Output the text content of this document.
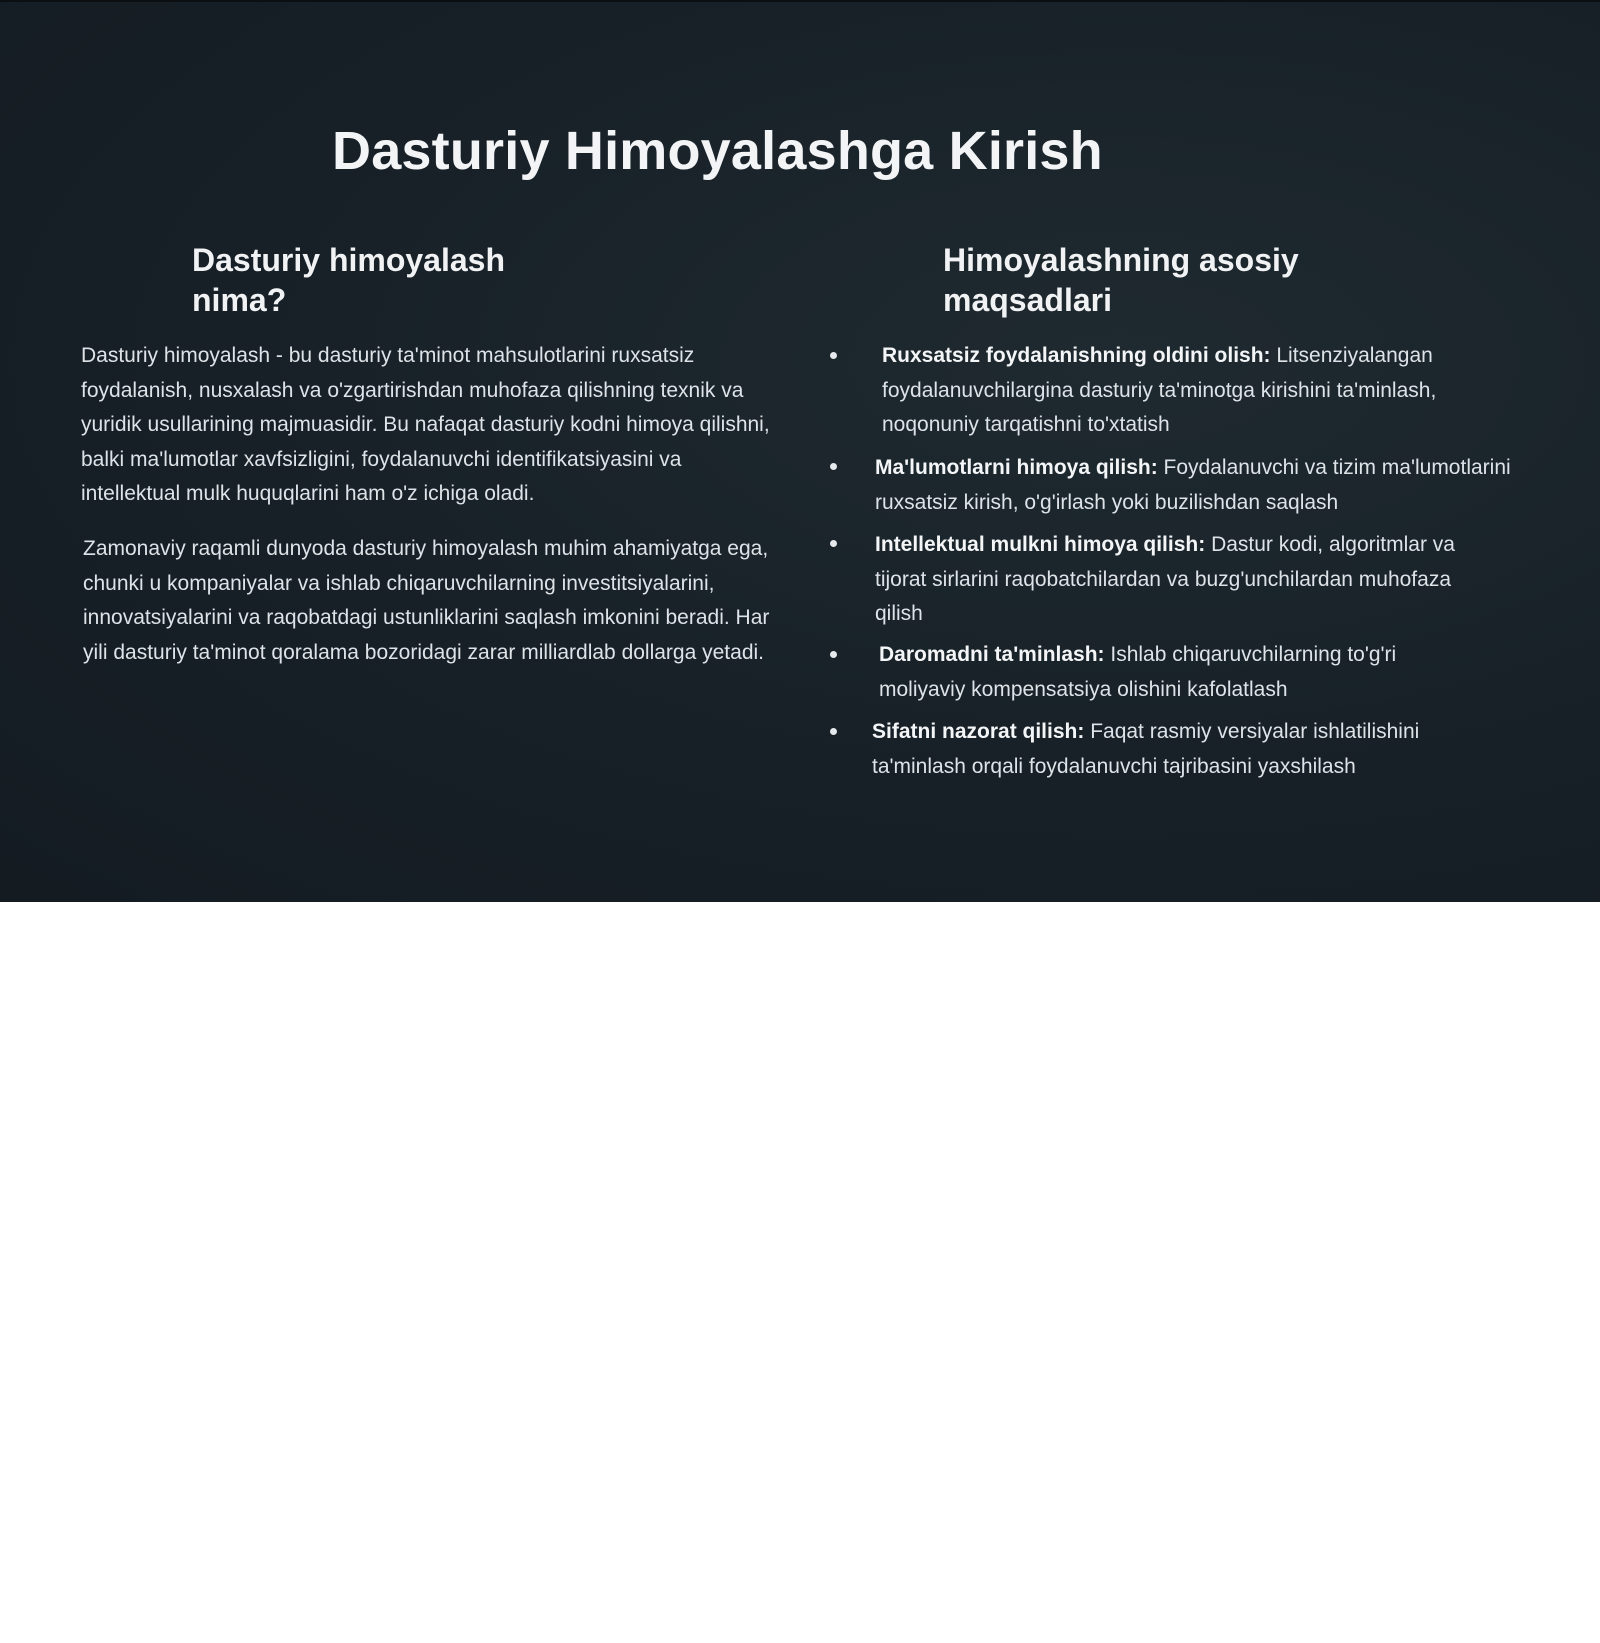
Dasturiy Himoyalashga Kirish
Dasturiy himoyalash nima?

Dasturiy himoyalash - bu dasturiy ta'minot mahsulotlarini ruxsatsiz foydalanish, nusxalash va o'zgartirishdan muhofaza qilishning texnik va yuridik usullarining majmuasidir. Bu nafaqat dasturiy kodni himoya qilishni, balki ma'lumotlar xavfsizligini, foydalanuvchi identifikatsiyasini va intellektual mulk huquqlarini ham o'z ichiga oladi.

Zamonaviy raqamli dunyoda dasturiy himoyalash muhim ahamiyatga ega, chunki u kompaniyalar va ishlab chiqaruvchilarning investitsiyalarini, innovatsiyalarini va raqobatdagi ustunliklarini saqlash imkonini beradi. Har yili dasturiy ta'minot qoralama bozoridagi zarar milliardlab dollarga yetadi.

Himoyalashning asosiy maqsadlari
Ruxsatsiz foydalanishning oldini olish: Litsenziyalangan foydalanuvchilargina dasturiy ta'minotga kirishini ta'minlash, noqonuniy tarqatishni to'xtatish
Ma'lumotlarni himoya qilish: Foydalanuvchi va tizim ma'lumotlarini ruxsatsiz kirish, o'g'irlash yoki buzilishdan saqlash
Intellektual mulkni himoya qilish: Dastur kodi, algoritmlar va tijorat sirlarini raqobatchilardan va buzg'unchilardan muhofaza qilish
Daromadni ta'minlash: Ishlab chiqaruvchilarning to'g'ri moliyaviy kompensatsiya olishini kafolatlash
Sifatni nazorat qilish: Faqat rasmiy versiyalar ishlatilishini ta'minlash orqali foydalanuvchi tajribasini yaxshilash
